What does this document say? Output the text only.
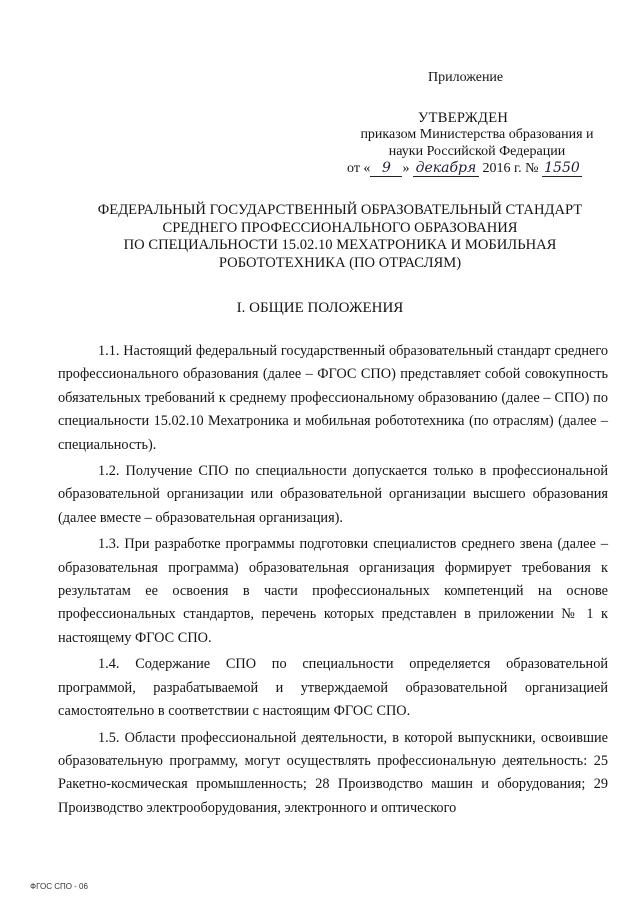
Приложение
УТВЕРЖДЕН
приказом Министерства образования и
науки Российской Федерации
от « 9 » декабря 2016 г. № 1550
ФЕДЕРАЛЬНЫЙ ГОСУДАРСТВЕННЫЙ ОБРАЗОВАТЕЛЬНЫЙ СТАНДАРТ
СРЕДНЕГО ПРОФЕССИОНАЛЬНОГО ОБРАЗОВАНИЯ
ПО СПЕЦИАЛЬНОСТИ 15.02.10 МЕХАТРОНИКА И МОБИЛЬНАЯ
РОБОТОТЕХНИКА (ПО ОТРАСЛЯМ)
I. ОБЩИЕ ПОЛОЖЕНИЯ

1.1. Настоящий федеральный государственный образовательный стандарт среднего профессионального образования (далее – ФГОС СПО) представляет собой совокупность обязательных требований к среднему профессиональному образованию (далее – СПО) по специальности 15.02.10 Мехатроника и мобильная робототехника (по отраслям) (далее – специальность).

1.2. Получение СПО по специальности допускается только в профессиональной образовательной организации или образовательной организации высшего образования (далее вместе – образовательная организация).

1.3. При разработке программы подготовки специалистов среднего звена (далее – образовательная программа) образовательная организация формирует требования к результатам ее освоения в части профессиональных компетенций на основе профессиональных стандартов, перечень которых представлен в приложении № 1 к настоящему ФГОС СПО.

1.4. Содержание СПО по специальности определяется образовательной программой, разрабатываемой и утверждаемой образовательной организацией самостоятельно в соответствии с настоящим ФГОС СПО.

1.5. Области профессиональной деятельности, в которой выпускники, освоившие образовательную программу, могут осуществлять профессиональную деятельность: 25 Ракетно-космическая промышленность; 28 Производство машин и оборудования; 29 Производство электрооборудования, электронного и оптического

ФГОС СПО - 06
